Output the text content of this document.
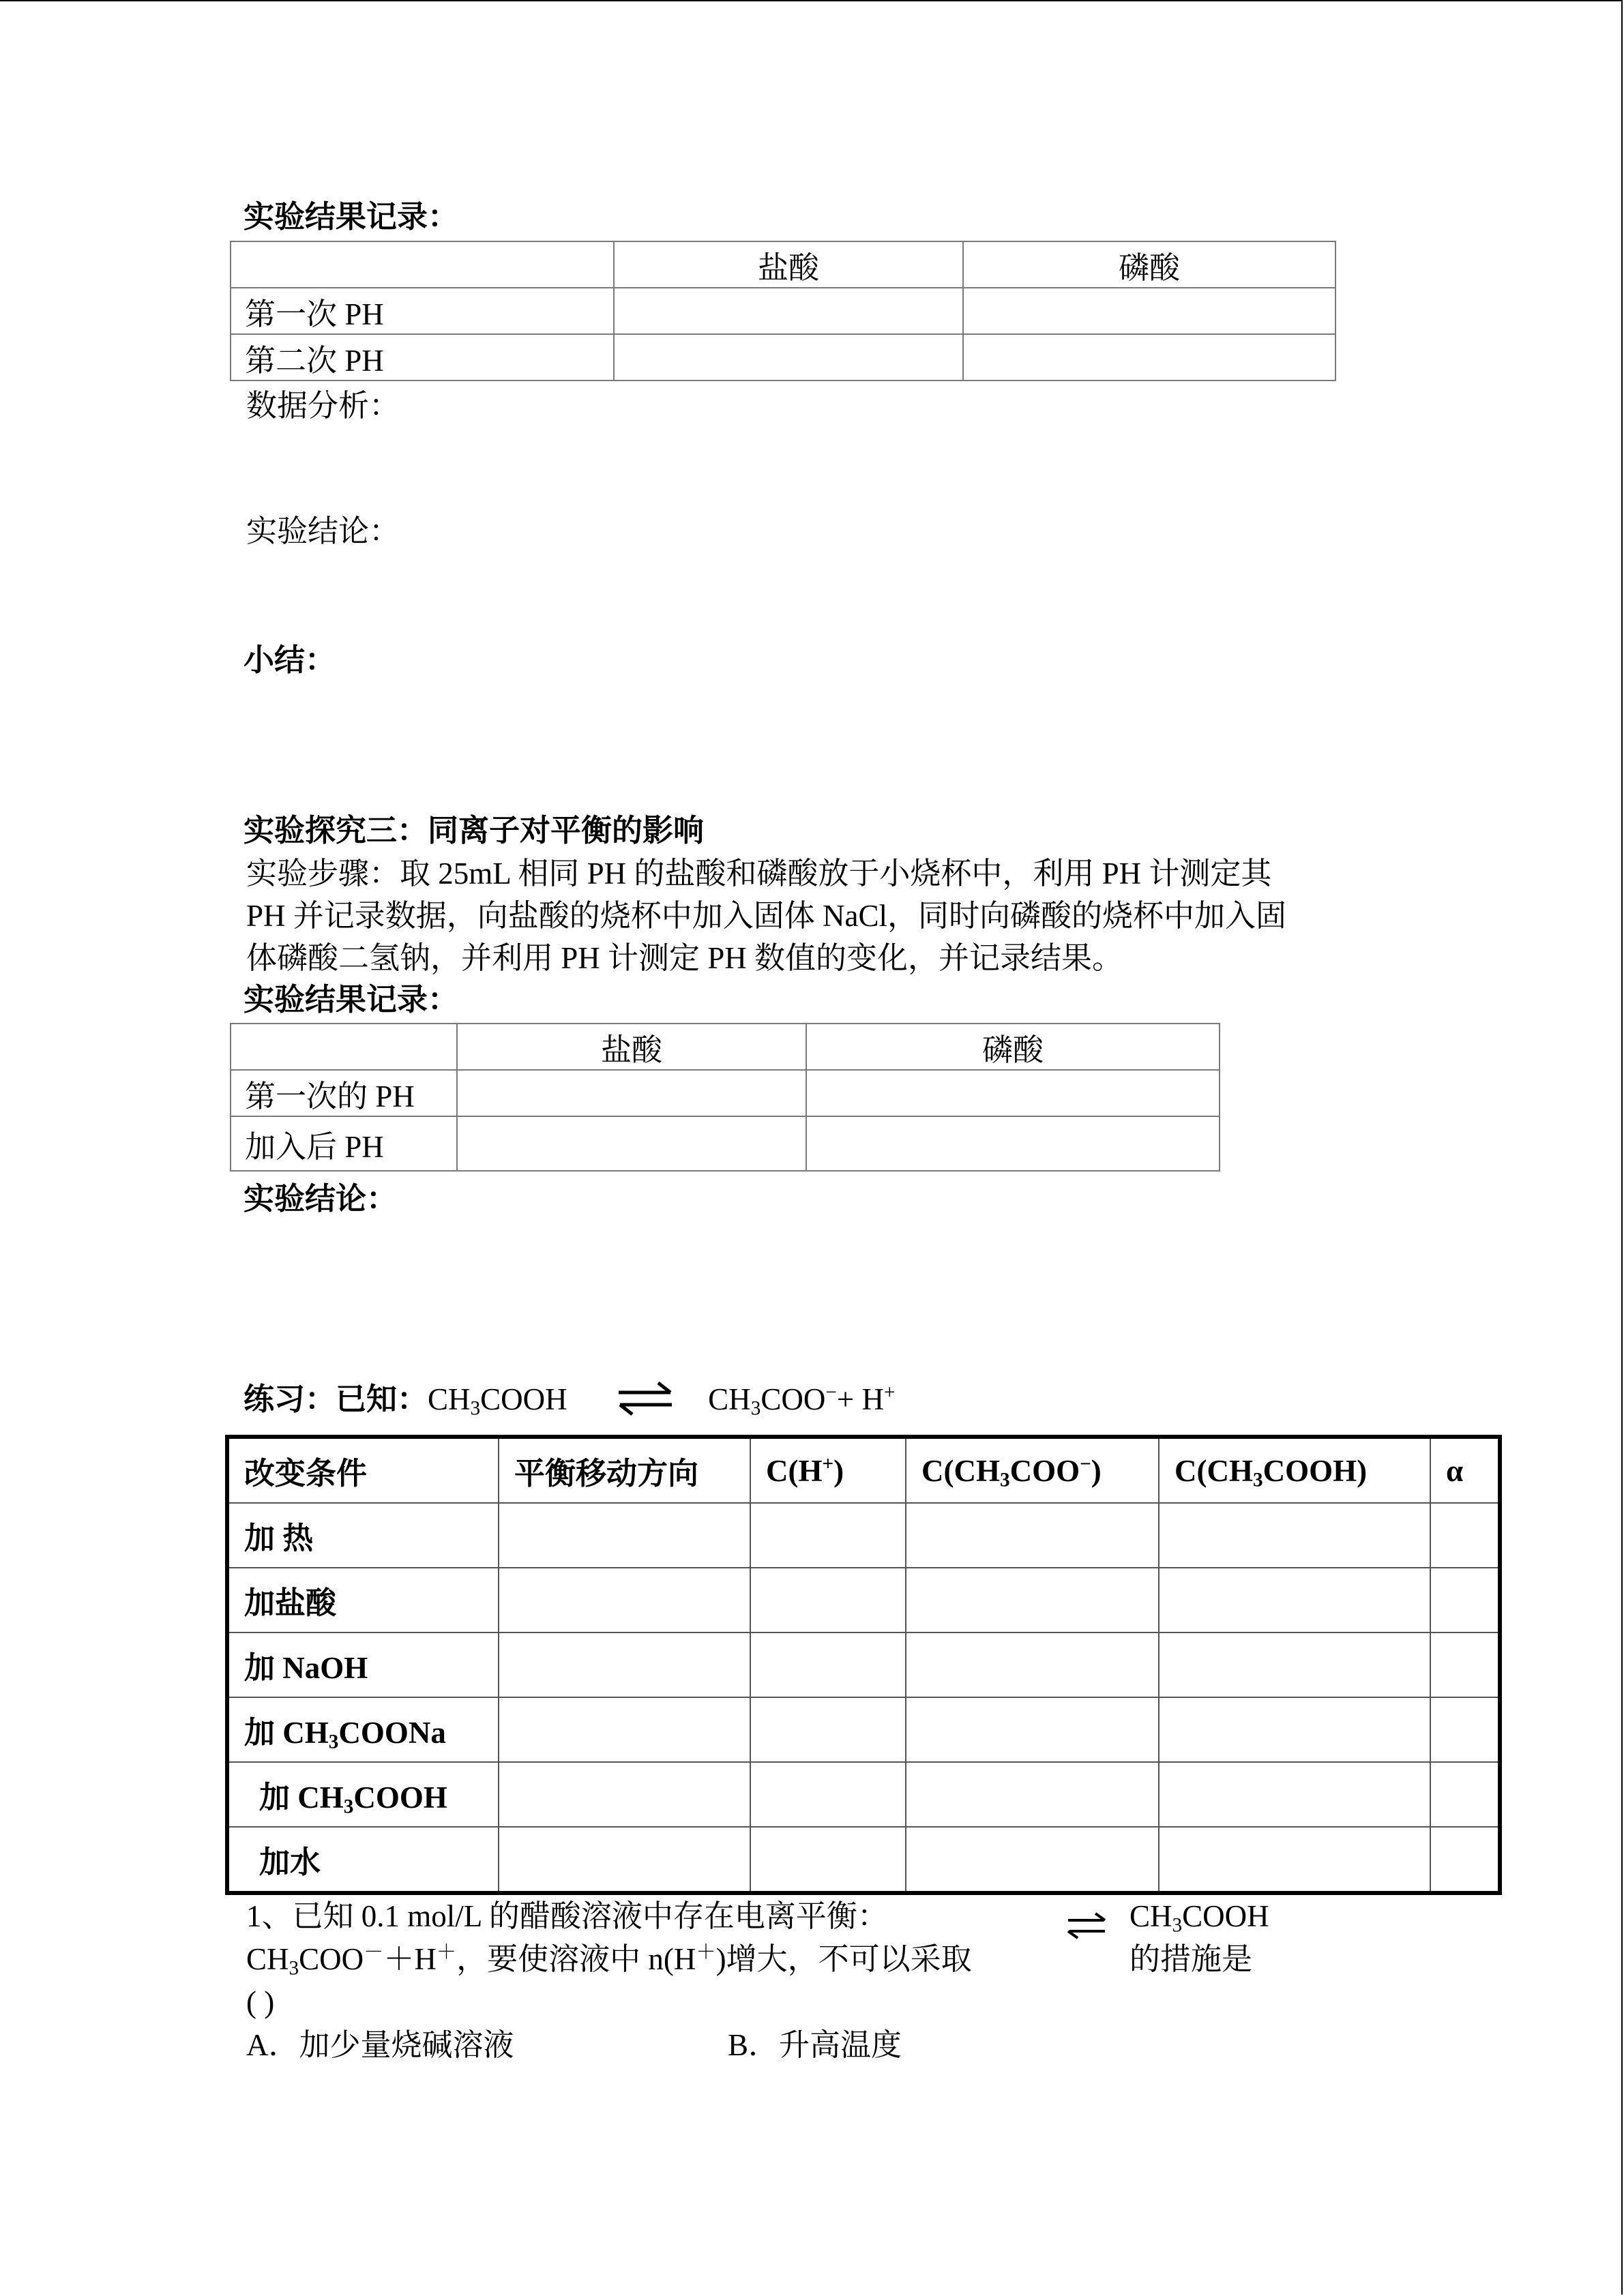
实验结果记录：
	盐酸	磷酸
第一次 PH		
第二次 PH		
数据分析：
实验结论：
小结：
实验探究三：同离子对平衡的影响
实验步骤：取 25mL 相同 PH 的盐酸和磷酸放于小烧杯中，利用 PH 计测定其
PH 并记录数据，向盐酸的烧杯中加入固体 NaCl，同时向磷酸的烧杯中加入固
体磷酸二氢钠，并利用 PH 计测定 PH 数值的变化，并记录结果。
实验结果记录：
	盐酸	磷酸
第一次的 PH		
加入后 PH		
实验结论：
练习：已知：$CH_3COOH$ ⇌ $CH_3COO^-+ H^+$
改变条件	平衡移动方向	C(H+)	$C(CH_3COO^-)$	$C(CH_3COOH)$	α
加 热					
加盐酸					
加 NaOH					
加 $CH_3COONa$					
加 $CH_3COOH$					
加水					
1、已知 0.1 mol/L 的醋酸溶液中存在电离平衡：	$CH_3COOH$
$CH_3COO^-+H^+$，要使溶液中 n(H＋)增大，不可以采取	的措施是
( )
A．加少量烧碱溶液	B．升高温度
